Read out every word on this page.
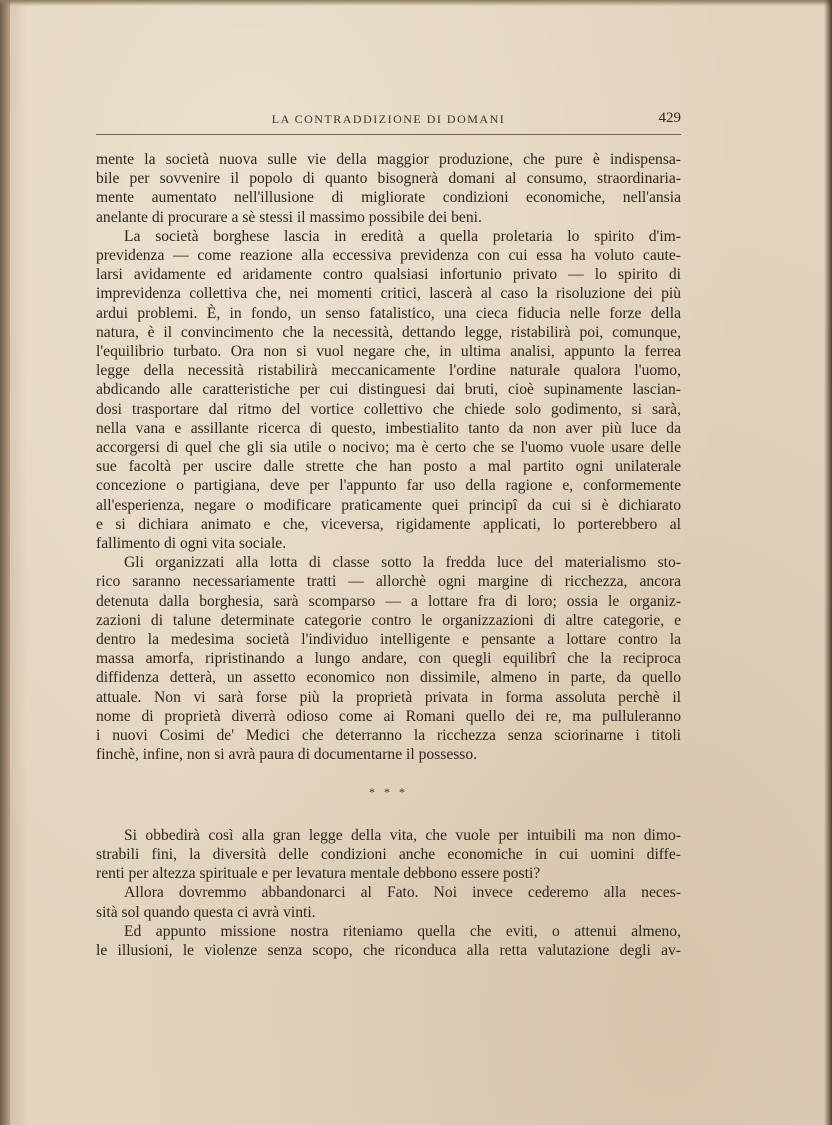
LA CONTRADDIZIONE DI DOMANI	429
mente la società nuova sulle vie della maggior produzione, che pure è indispensa-
bile per sovvenire il popolo di quanto bisognerà domani al consumo, straordinaria-
mente aumentato nell'illusione di migliorate condizioni economiche, nell'ansia
anelante di procurare a sè stessi il massimo possibile dei beni.
La società borghese lascia in eredità a quella proletaria lo spirito d'im-
previdenza — come reazione alla eccessiva previdenza con cui essa ha voluto caute-
larsi avidamente ed aridamente contro qualsiasi infortunio privato — lo spirito di
imprevidenza collettiva che, nei momenti critici, lascerà al caso la risoluzione dei più
ardui problemi. È, in fondo, un senso fatalistico, una cieca fiducia nelle forze della
natura, è il convincimento che la necessità, dettando legge, ristabilirà poi, comunque,
l'equilibrio turbato. Ora non si vuol negare che, in ultima analisi, appunto la ferrea
legge della necessità ristabilirà meccanicamente l'ordine naturale qualora l'uomo,
abdicando alle caratteristiche per cui distinguesi dai bruti, cioè supinamente lascian-
dosi trasportare dal ritmo del vortice collettivo che chiede solo godimento, si sarà,
nella vana e assillante ricerca di questo, imbestialito tanto da non aver più luce da
accorgersi di quel che gli sia utile o nocivo; ma è certo che se l'uomo vuole usare delle
sue facoltà per uscire dalle strette che han posto a mal partito ogni unilaterale
concezione o partigiana, deve per l'appunto far uso della ragione e, conformemente
all'esperienza, negare o modificare praticamente quei principî da cui si è dichiarato
e si dichiara animato e che, viceversa, rigidamente applicati, lo porterebbero al
fallimento di ogni vita sociale.
Gli organizzati alla lotta di classe sotto la fredda luce del materialismo sto-
rico saranno necessariamente tratti — allorchè ogni margine di ricchezza, ancora
detenuta dalla borghesia, sarà scomparso — a lottare fra di loro; ossia le organiz-
zazioni di talune determinate categorie contro le organizzazioni di altre categorie, e
dentro la medesima società l'individuo intelligente e pensante a lottare contro la
massa amorfa, ripristinando a lungo andare, con quegli equilibrî che la reciproca
diffidenza detterà, un assetto economico non dissimile, almeno in parte, da quello
attuale. Non vi sarà forse più la proprietà privata in forma assoluta perchè il
nome di proprietà diverrà odioso come ai Romani quello dei re, ma pulluleranno
i nuovi Cosimi de' Medici che deterranno la ricchezza senza sciorinarne i titoli
finchè, infine, non si avrà paura di documentarne il possesso.
* * *
Si obbedirà così alla gran legge della vita, che vuole per intuibili ma non dimo-
strabili fini, la diversità delle condizioni anche economiche in cui uomini diffe-
renti per altezza spirituale e per levatura mentale debbono essere posti?
Allora dovremmo abbandonarci al Fato. Noi invece cederemo alla neces-
sità sol quando questa ci avrà vinti.
Ed appunto missione nostra riteniamo quella che eviti, o attenui almeno,
le illusioni, le violenze senza scopo, che riconduca alla retta valutazione degli av-
